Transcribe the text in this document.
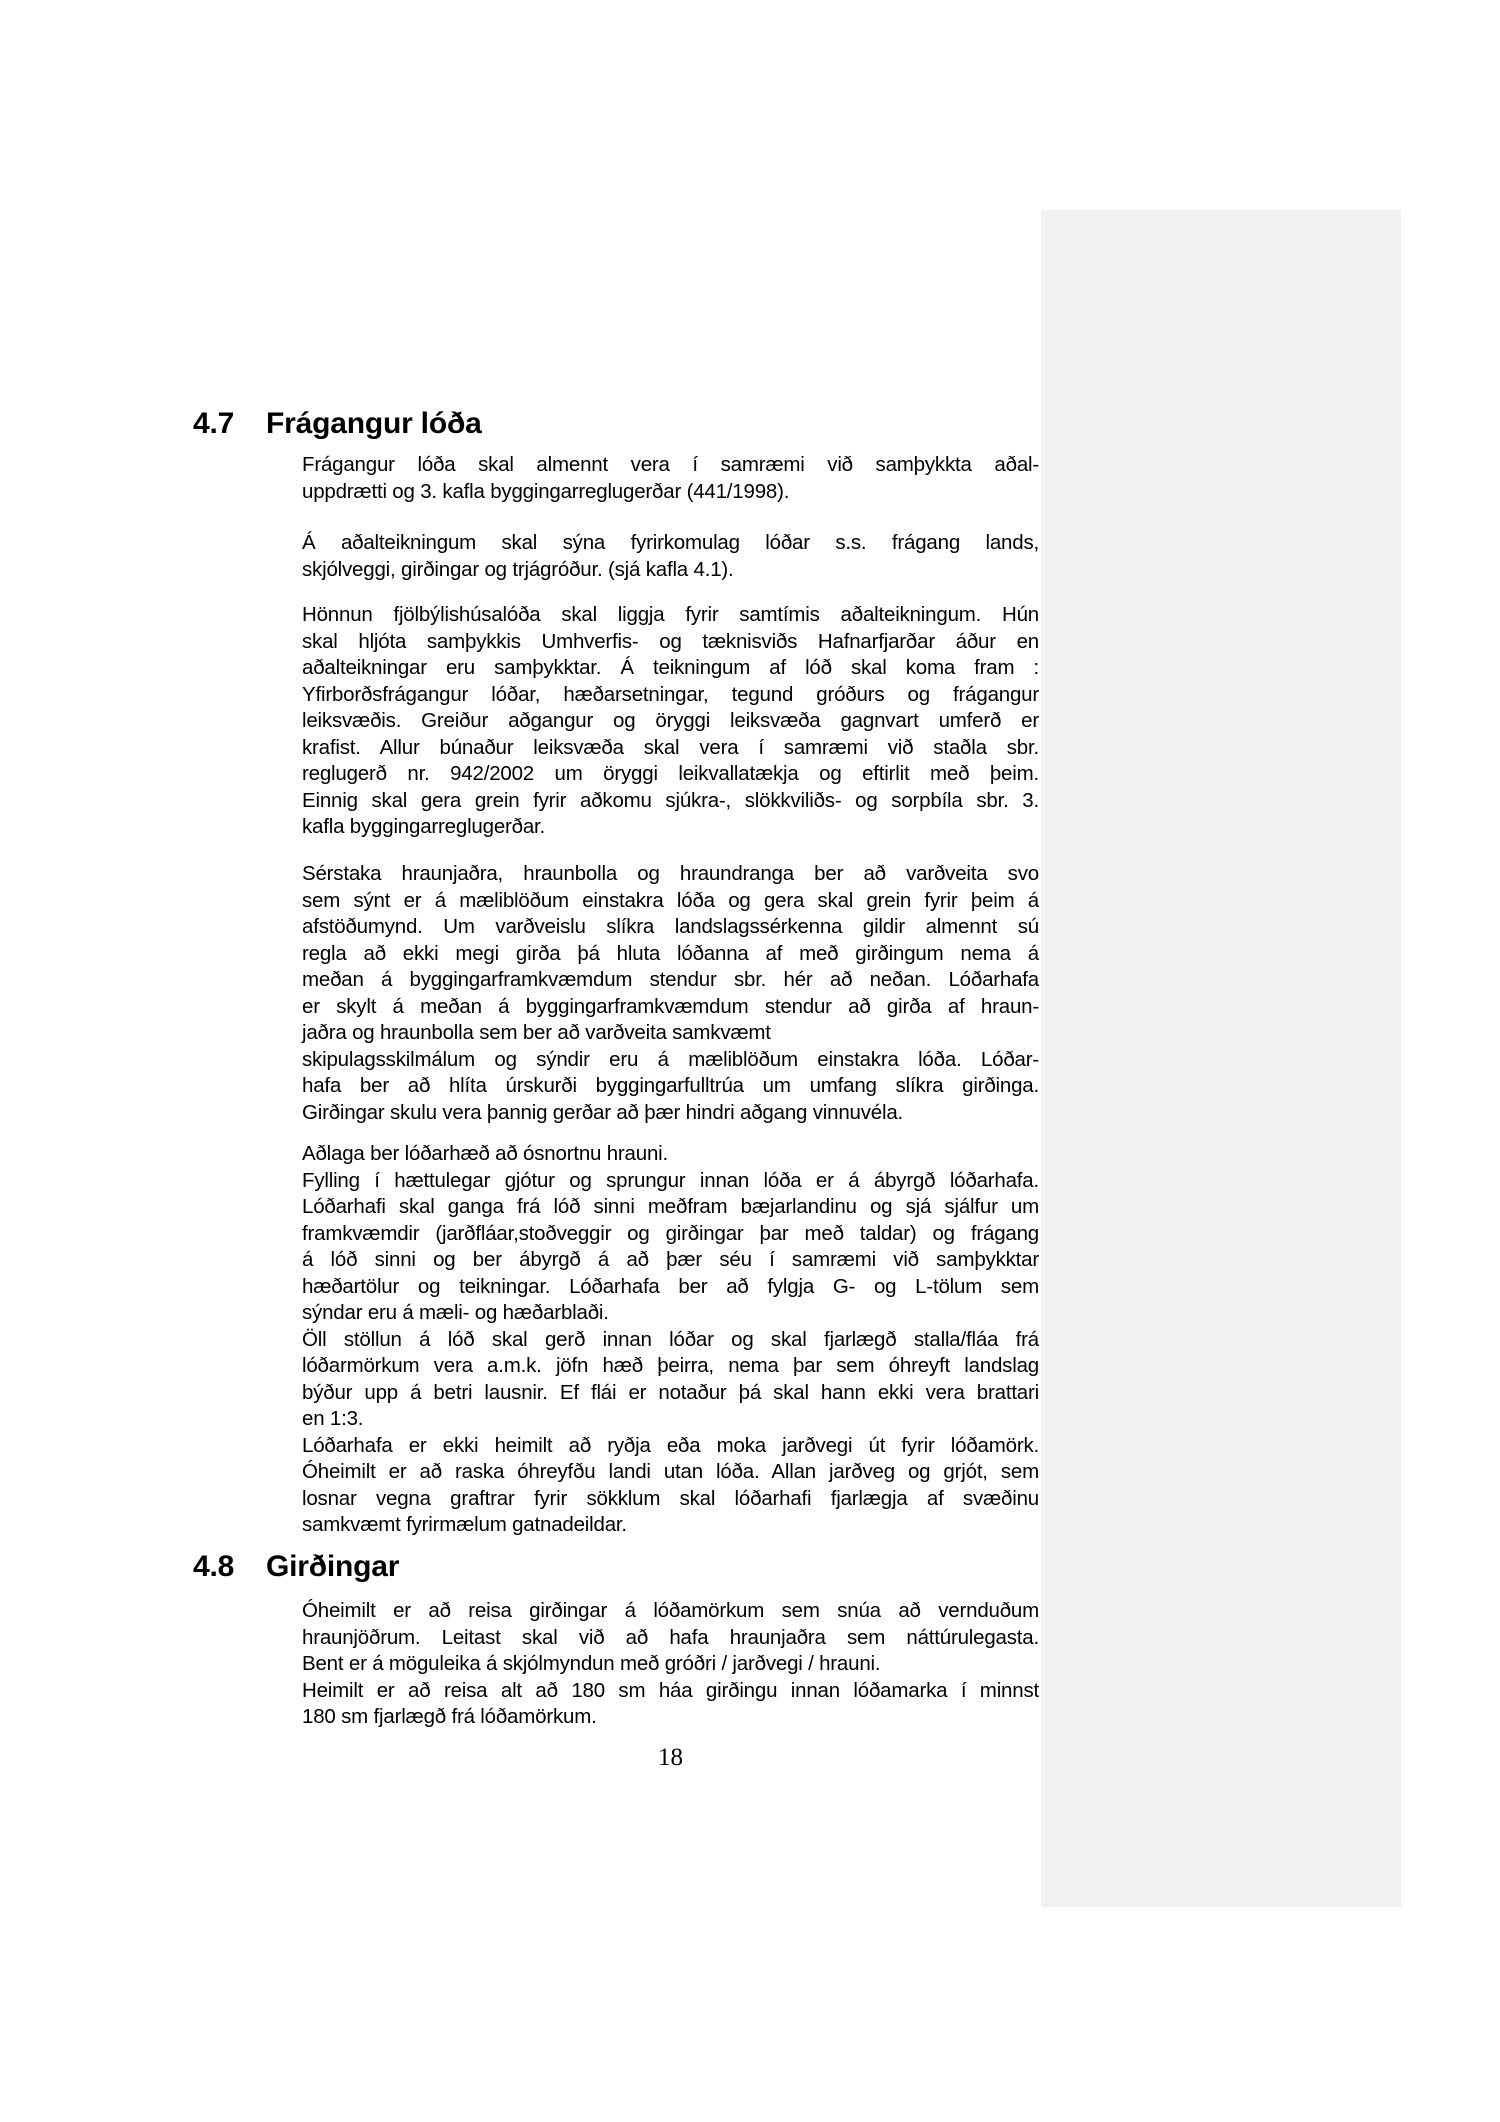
4.7	Frágangur lóða
Frágangur lóða skal almennt vera í samræmi við samþykkta aðal-
uppdrætti og 3. kafla byggingarreglugerðar (441/1998).
Á aðalteikningum skal sýna fyrirkomulag lóðar s.s. frágang lands,
skjólveggi, girðingar og trjágróður. (sjá kafla 4.1).
Hönnun fjölbýlishúsalóða skal liggja fyrir samtímis aðalteikningum. Hún
skal hljóta samþykkis Umhverfis- og tæknisviðs Hafnarfjarðar áður en
aðalteikningar eru samþykktar. Á teikningum af lóð skal koma fram :
Yfirborðsfrágangur lóðar, hæðarsetningar, tegund gróðurs og frágangur
leiksvæðis. Greiður aðgangur og öryggi leiksvæða gagnvart umferð er
krafist. Allur búnaður leiksvæða skal vera í samræmi við staðla sbr.
reglugerð nr. 942/2002 um öryggi leikvallatækja og eftirlit með þeim.
Einnig skal gera grein fyrir aðkomu sjúkra-, slökkviliðs- og sorpbíla sbr. 3.
kafla byggingarreglugerðar.
Sérstaka hraunjaðra, hraunbolla og hraundranga ber að varðveita svo
sem sýnt er á mæliblöðum einstakra lóða og gera skal grein fyrir þeim á
afstöðumynd. Um varðveislu slíkra landslagssérkenna gildir almennt sú
regla að ekki megi girða þá hluta lóðanna af með girðingum nema á
meðan á byggingarframkvæmdum stendur sbr. hér að neðan. Lóðarhafa
er skylt á meðan á byggingarframkvæmdum stendur að girða af hraun-
jaðra og hraunbolla sem ber að varðveita samkvæmt
skipulagsskilmálum og sýndir eru á mæliblöðum einstakra lóða. Lóðar-
hafa ber að hlíta úrskurði byggingarfulltrúa um umfang slíkra girðinga.
Girðingar skulu vera þannig gerðar að þær hindri aðgang vinnuvéla.
Aðlaga ber lóðarhæð að ósnortnu hrauni.
Fylling í hættulegar gjótur og sprungur innan lóða er á ábyrgð lóðarhafa.
Lóðarhafi skal ganga frá lóð sinni meðfram bæjarlandinu og sjá sjálfur um
framkvæmdir (jarðfláar,stoðveggir og girðingar þar með taldar) og frágang
á lóð sinni og ber ábyrgð á að þær séu í samræmi við samþykktar
hæðartölur og teikningar. Lóðarhafa ber að fylgja G- og L-tölum sem
sýndar eru á mæli- og hæðarblaði.
Öll stöllun á lóð skal gerð innan lóðar og skal fjarlægð stalla/fláa frá
lóðarmörkum vera a.m.k. jöfn hæð þeirra, nema þar sem óhreyft landslag
býður upp á betri lausnir. Ef flái er notaður þá skal hann ekki vera brattari
en 1:3.
Lóðarhafa er ekki heimilt að ryðja eða moka jarðvegi út fyrir lóðamörk.
Óheimilt er að raska óhreyfðu landi utan lóða. Allan jarðveg og grjót, sem
losnar vegna graftrar fyrir sökklum skal lóðarhafi fjarlægja af svæðinu
samkvæmt fyrirmælum gatnadeildar.
4.8	Girðingar
Óheimilt er að reisa girðingar á lóðamörkum sem snúa að vernduðum
hraunjöðrum. Leitast skal við að hafa hraunjaðra sem náttúrulegasta.
Bent er á möguleika á skjólmyndun með gróðri / jarðvegi / hrauni.
Heimilt er að reisa alt að 180 sm háa girðingu innan lóðamarka í minnst
180 sm fjarlægð frá lóðamörkum.
18
